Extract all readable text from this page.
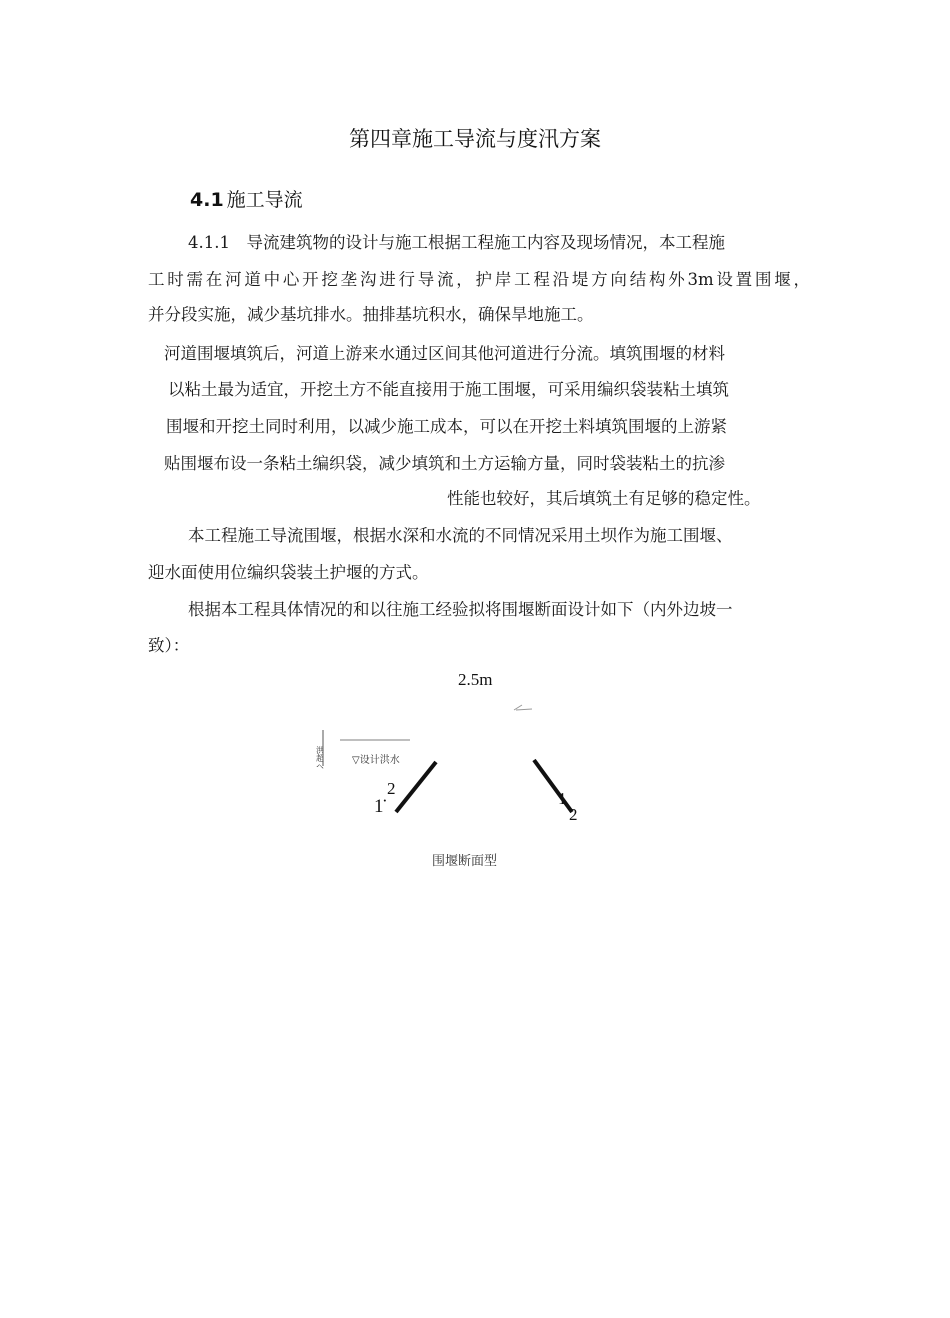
第四章施工导流与度汛方案
4.1 施工导流
4.1.1　导流建筑物的设计与施工根据工程施工内容及现场情况，本工程施
工时需在河道中心开挖垄沟进行导流，护岸工程沿堤方向结构外3m设置围堰，
并分段实施，减少基坑排水。抽排基坑积水，确保旱地施工。
河道围堰填筑后，河道上游来水通过区间其他河道进行分流。填筑围堰的材料
以粘土最为适宜，开挖土方不能直接用于施工围堰，可采用编织袋装粘土填筑
围堰和开挖土同时利用，以减少施工成本，可以在开挖土料填筑围堰的上游紧
贴围堰布设一条粘土编织袋，减少填筑和土方运输方量，同时袋装粘土的抗渗
性能也较好，其后填筑土有足够的稳定性。
本工程施工导流围堰，根据水深和水流的不同情况采用土坝作为施工围堰、
迎水面使用位编织袋装土护堰的方式。
根据本工程具体情况的和以往施工经验拟将围堰断面设计如下（内外边坡一
致）：
2.5m
洪超ヘ	▽设计洪水
1
·
2
1
2
围堰断面型
